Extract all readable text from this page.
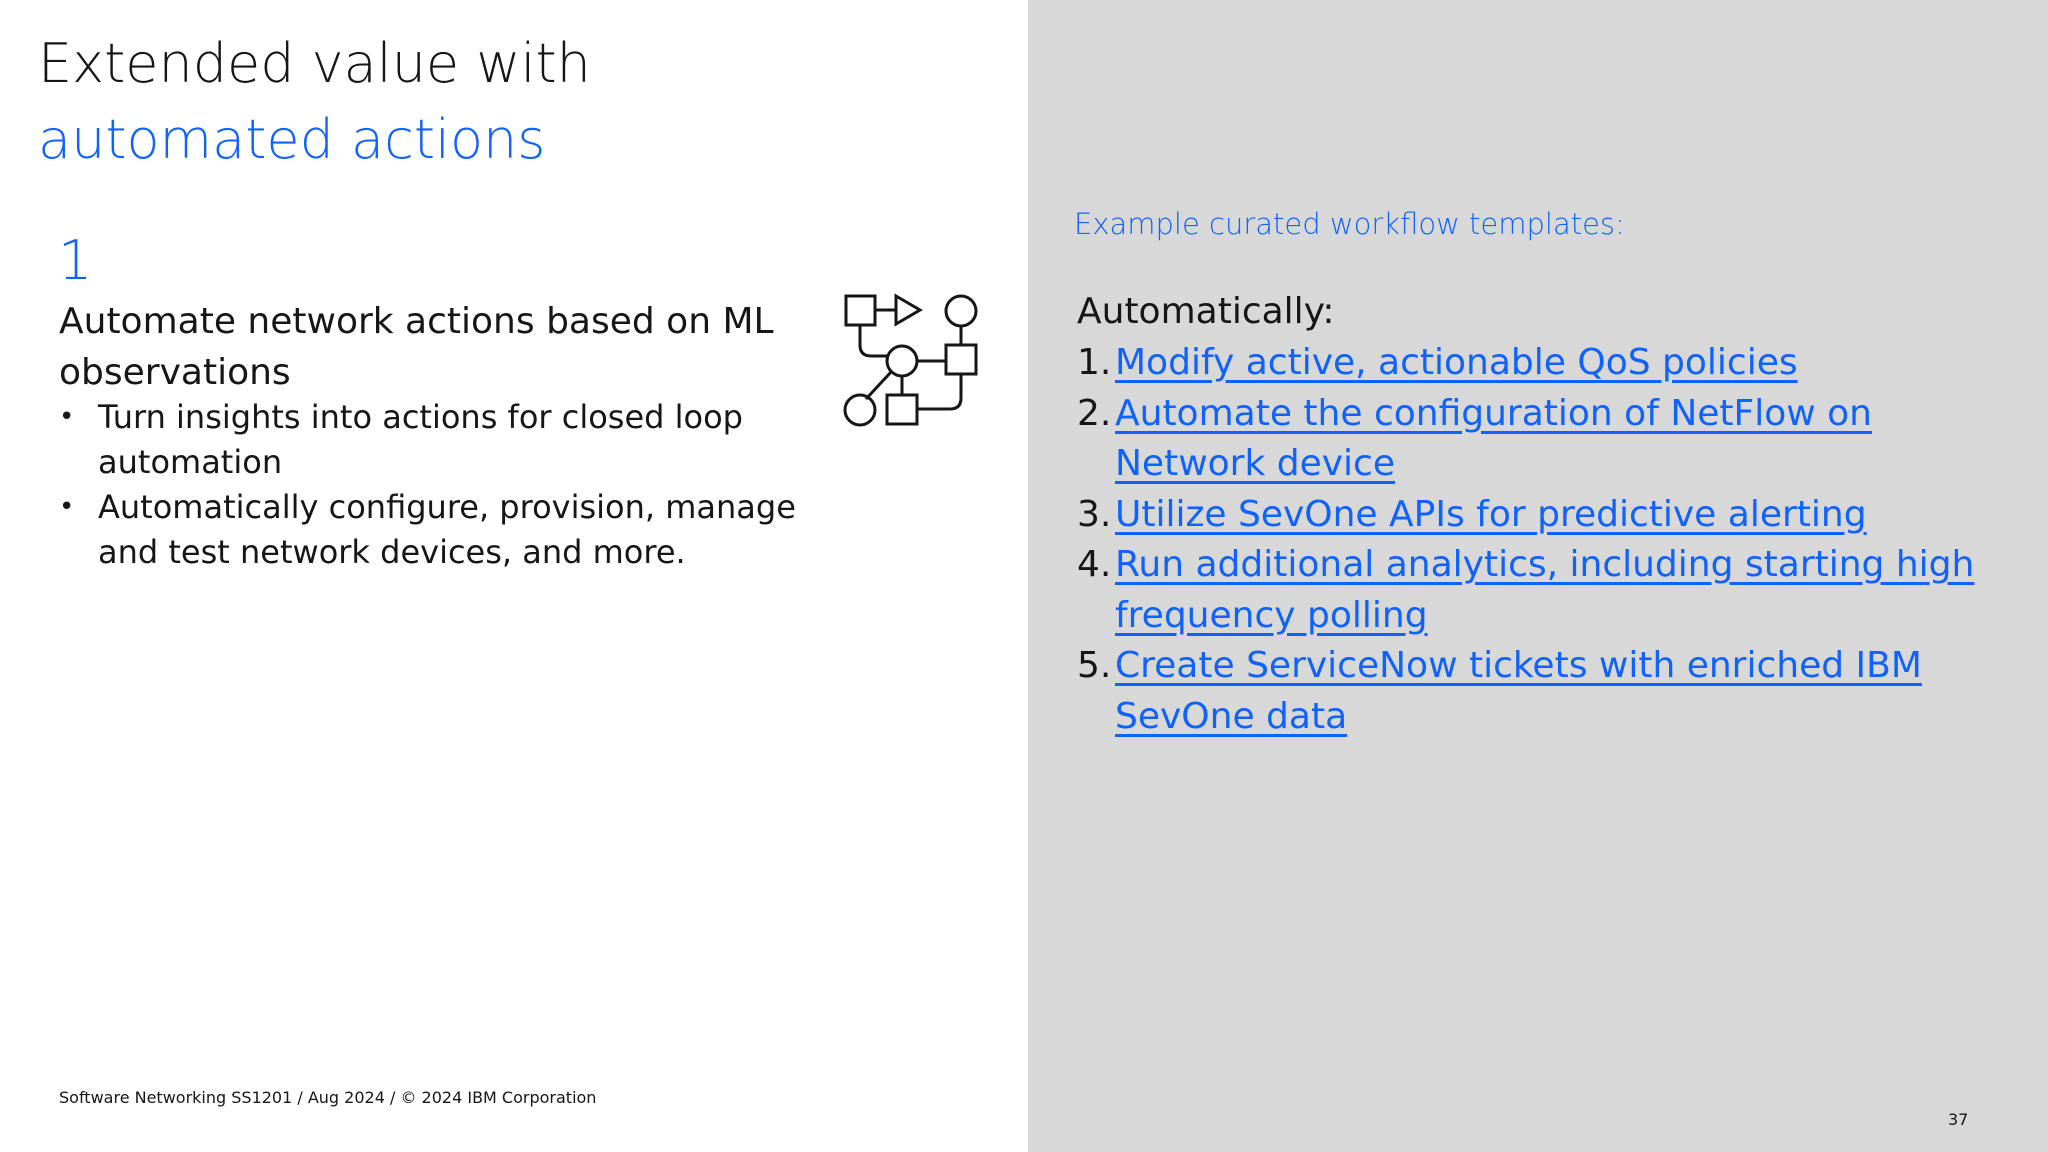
Extended value with
automated actions
1
Automate network actions based on ML observations
• Turn insights into actions for closed loop automation
• Automatically configure, provision, manage and test network devices, and more.
Software Networking SS1201 / Aug 2024 / © 2024 IBM Corporation
Example curated workflow templates:
Automatically:
1. Modify active, actionable QoS policies
2. Automate the configuration of NetFlow on Network device
3. Utilize SevOne APIs for predictive alerting
4. Run additional analytics, including starting high frequency polling
5. Create ServiceNow tickets with enriched IBM SevOne data
37
